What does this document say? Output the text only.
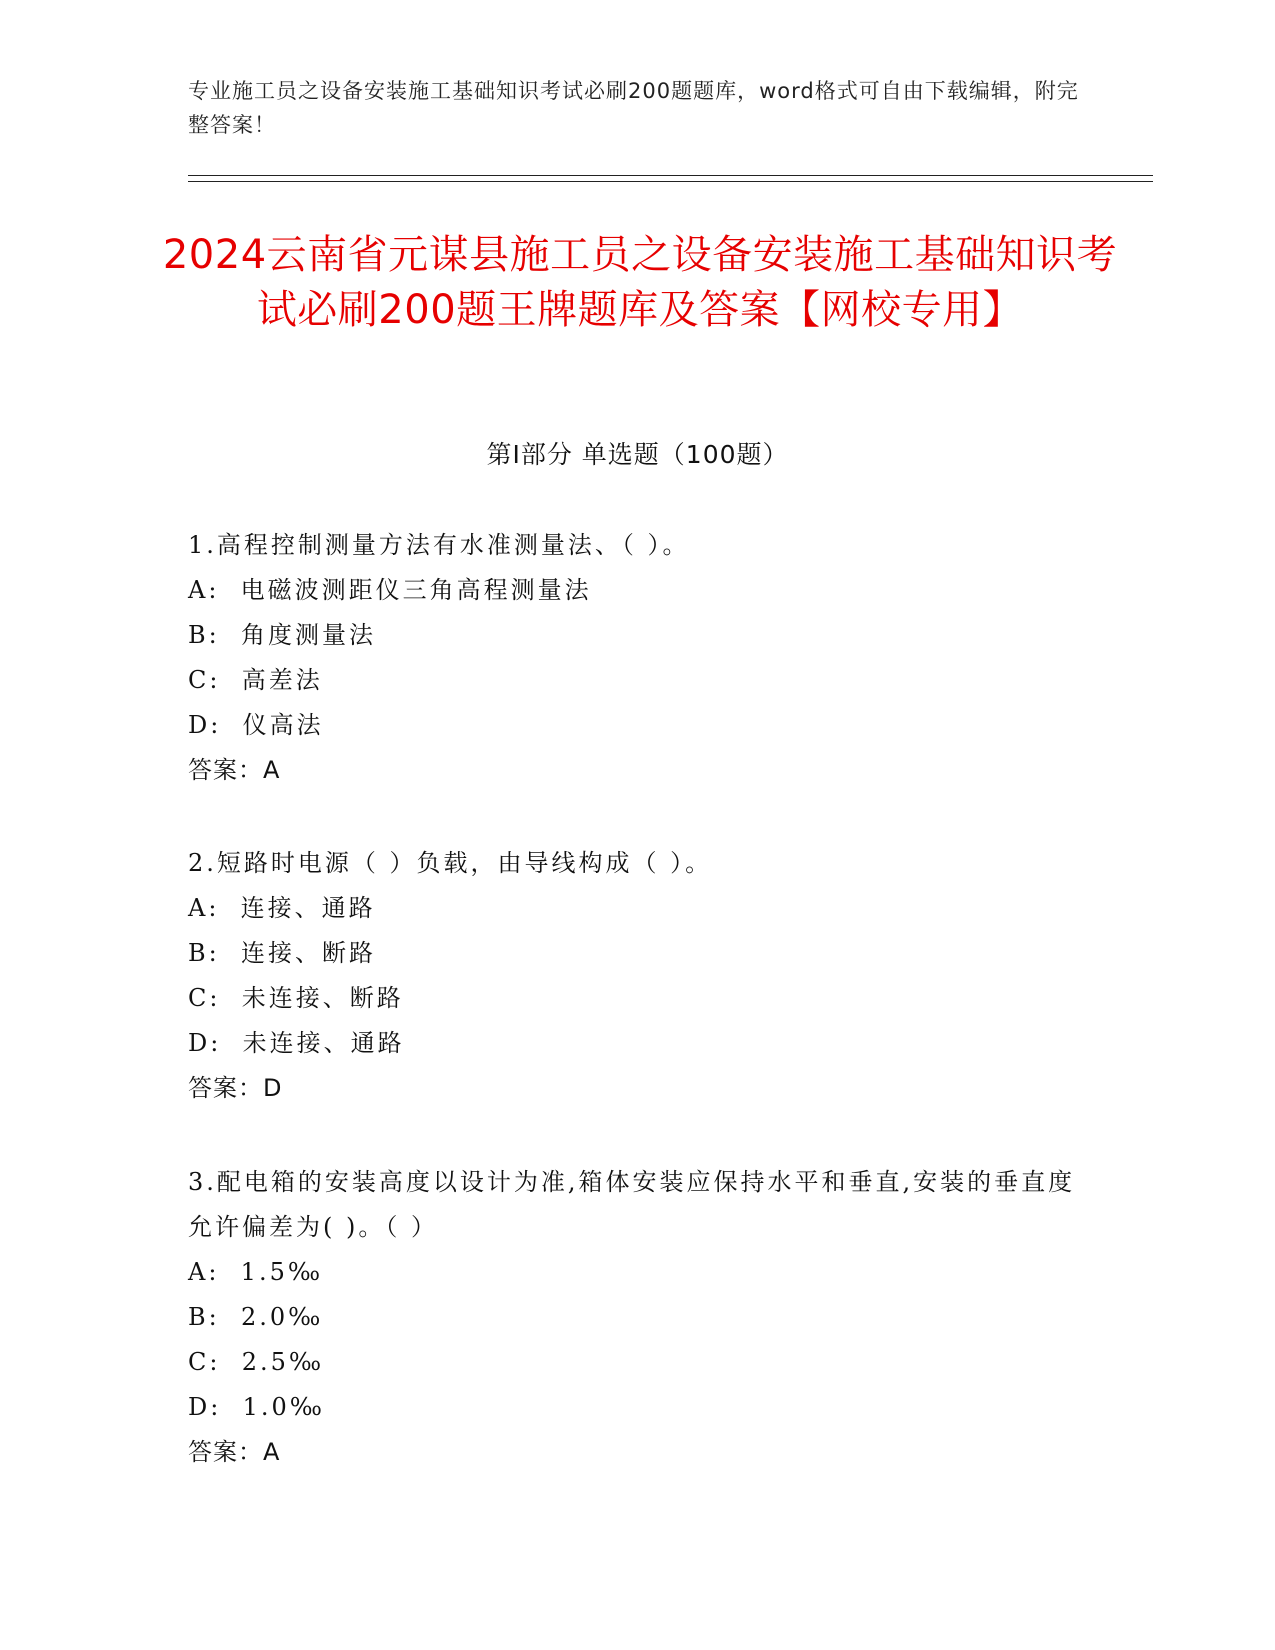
专业施工员之设备安装施工基础知识考试必刷200题题库，word格式可自由下载编辑，附完整答案！
2024云南省元谋县施工员之设备安装施工基础知识考试必刷200题王牌题库及答案【网校专用】
第Ⅰ部分 单选题（100题）
1.高程控制测量方法有水准测量法、（ ）。
A:  电磁波测距仪三角高程测量法
B:  角度测量法
C:  高差法
D:  仪高法
答案：A
2.短路时电源（ ）负载，由导线构成（ ）。
A:  连接、通路
B:  连接、断路
C:  未连接、断路
D:  未连接、通路
答案：D
3.配电箱的安装高度以设计为准,箱体安装应保持水平和垂直,安装的垂直度允许偏差为( )。（ ）
A:  1.5‰
B:  2.0‰
C:  2.5‰
D:  1.0‰
答案：A
